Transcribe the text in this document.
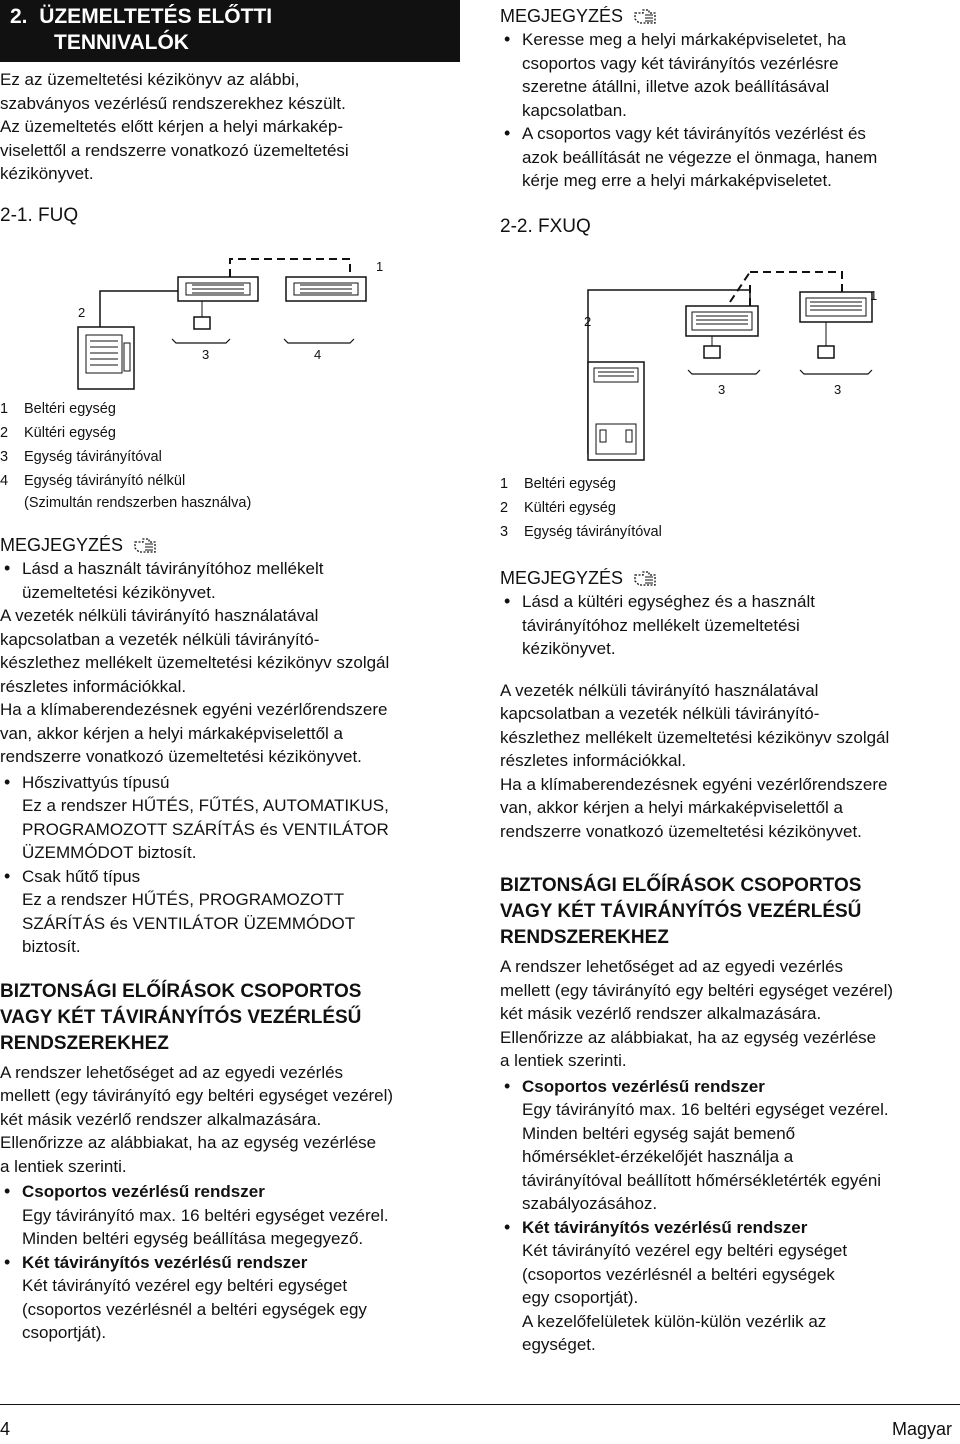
2. ÜZEMELTETÉS ELŐTTI
TENNIVALÓK

Ez az üzemeltetési kézikönyv az alábbi,

szabványos vezérlésű rendszerekhez készült.

Az üzemeltetés előtt kérjen a helyi márkakép-

viselettől a rendszerre vonatkozó üzemeltetési

kézikönyvet.

2-1. FUQ

1
2
3	4
1	Beltéri egység
2	Kültéri egység
3	Egység távirányítóval
4	Egység távirányító nélkül
(Szimultán rendszerben használva)
MEGJEGYZÉS
• Lásd a használt távirányítóhoz mellékelt
üzemeltetési kézikönyvet.

A vezeték nélküli távirányító használatával

kapcsolatban a vezeték nélküli távirányító-

készlethez mellékelt üzemeltetési kézikönyv szolgál

részletes információkkal.

Ha a klímaberendezésnek egyéni vezérlőrendszere

van, akkor kérjen a helyi márkaképviselettől a

rendszerre vonatkozó üzemeltetési kézikönyvet.

• Hőszivattyús típusú
Ez a rendszer HŰTÉS, FŰTÉS, AUTOMATIKUS,
PROGRAMOZOTT SZÁRÍTÁS és VENTILÁTOR
ÜZEMMÓDOT biztosít.
• Csak hűtő típus
Ez a rendszer HŰTÉS, PROGRAMOZOTT
SZÁRÍTÁS és VENTILÁTOR ÜZEMMÓDOT
biztosít.
BIZTONSÁGI ELŐÍRÁSOK CSOPORTOS
VAGY KÉT TÁVIRÁNYÍTÓS VEZÉRLÉSŰ
RENDSZEREKHEZ

A rendszer lehetőséget ad az egyedi vezérlés

mellett (egy távirányító egy beltéri egységet vezérel)

két másik vezérlő rendszer alkalmazására.

Ellenőrizze az alábbiakat, ha az egység vezérlése

a lentiek szerinti.

• Csoportos vezérlésű rendszer
Egy távirányító max. 16 beltéri egységet vezérel.
Minden beltéri egység beállítása megegyező.
• Két távirányítós vezérlésű rendszer
Két távirányító vezérel egy beltéri egységet
(csoportos vezérlésnél a beltéri egységek egy
csoportját).
MEGJEGYZÉS
• Keresse meg a helyi márkaképviseletet, ha
csoportos vagy két távirányítós vezérlésre
szeretne átállni, illetve azok beállításával
kapcsolatban.
• A csoportos vagy két távirányítós vezérlést és
azok beállítását ne végezze el önmaga, hanem
kérje meg erre a helyi márkaképviseletet.

2-2. FXUQ

1
2
3	3
1	Beltéri egység
2	Kültéri egység
3	Egység távirányítóval
MEGJEGYZÉS
• Lásd a kültéri egységhez és a használt
távirányítóhoz mellékelt üzemeltetési
kézikönyvet.

A vezeték nélküli távirányító használatával

kapcsolatban a vezeték nélküli távirányító-

készlethez mellékelt üzemeltetési kézikönyv szolgál

részletes információkkal.

Ha a klímaberendezésnek egyéni vezérlőrendszere

van, akkor kérjen a helyi márkaképviselettől a

rendszerre vonatkozó üzemeltetési kézikönyvet.

BIZTONSÁGI ELŐÍRÁSOK CSOPORTOS
VAGY KÉT TÁVIRÁNYÍTÓS VEZÉRLÉSŰ
RENDSZEREKHEZ

A rendszer lehetőséget ad az egyedi vezérlés

mellett (egy távirányító egy beltéri egységet vezérel)

két másik vezérlő rendszer alkalmazására.

Ellenőrizze az alábbiakat, ha az egység vezérlése

a lentiek szerinti.

• Csoportos vezérlésű rendszer
Egy távirányító max. 16 beltéri egységet vezérel.
Minden beltéri egység saját bemenő
hőmérséklet-érzékelőjét használja a
távirányítóval beállított hőmérsékletérték egyéni
szabályozásához.
• Két távirányítós vezérlésű rendszer
Két távirányító vezérel egy beltéri egységet
(csoportos vezérlésnél a beltéri egységek
egy csoportját).
A kezelőfelületek külön-külön vezérlik az
egységet.
4	Magyar
